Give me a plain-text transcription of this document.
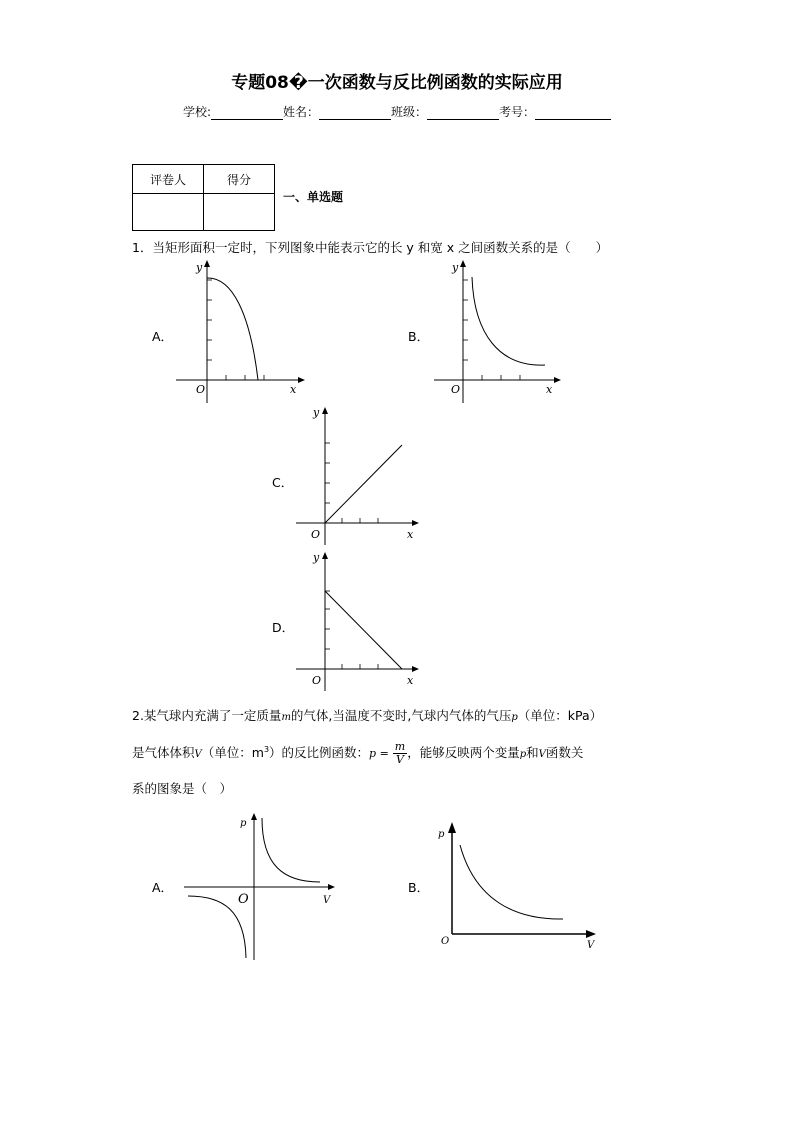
专题08�一次函数与反比例函数的实际应用
学校:	姓名：	班级：	考号：
评卷人	得分

一、单选题
1．当矩形面积一定时，下列图象中能表示它的长 y 和宽 x 之间函数关系的是（　　）
A．
y
O	x
B．
y
O	x
C．
y
O	x
D．
y
O	x
2.某气球内充满了一定质量m的气体,当温度不变时,气球内气体的气压p（单位：kPa）
是气体体积V（单位：$m^3$）的反比例函数：$p = \frac{m}{V}$ ，能够反映两个变量p和V函数关
系的图象是（　）
A．
p
O	V
B．
p
O	V
